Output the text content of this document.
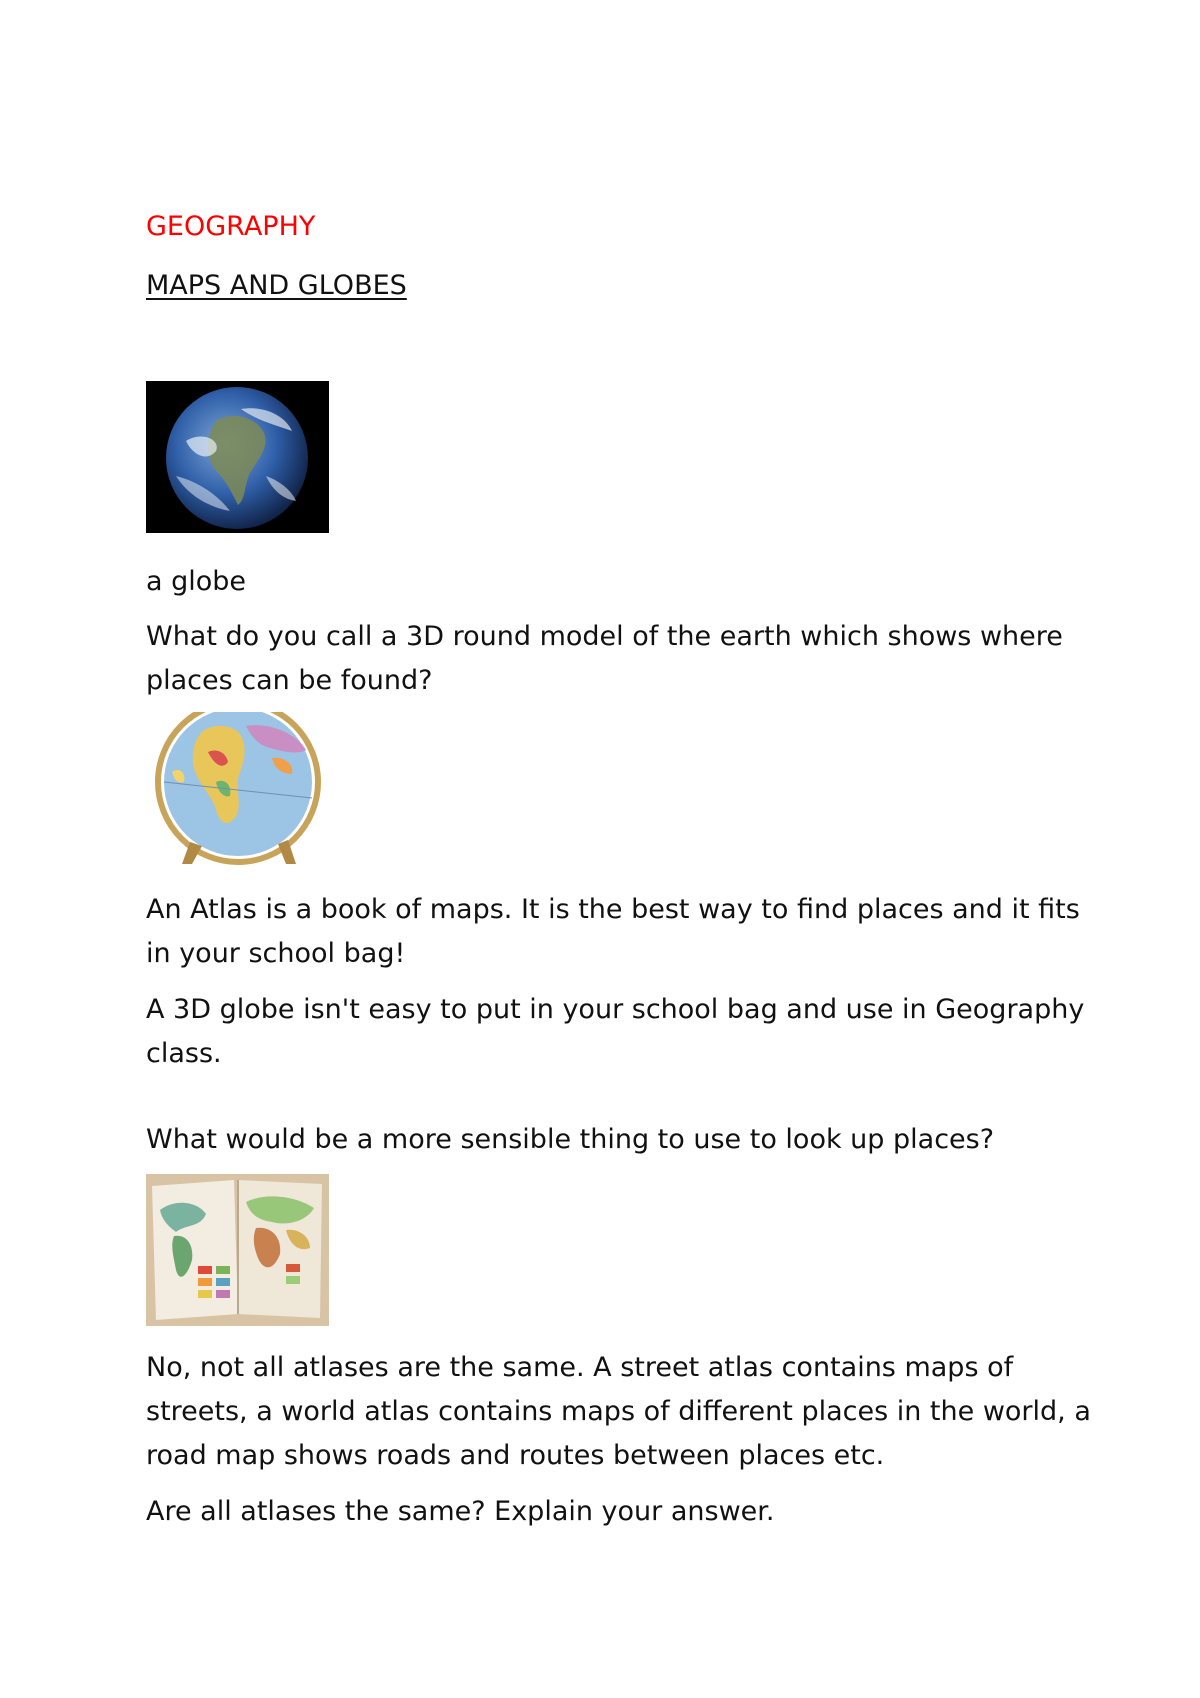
GEOGRAPHY
MAPS AND GLOBES

a globe

What do you call a 3D round model of the earth which shows where

places can be found?

An Atlas is a book of maps. It is the best way to find places and it fits

in your school bag!

A 3D globe isn't easy to put in your school bag and use in Geography

class.

What would be a more sensible thing to use to look up places?

No, not all atlases are the same. A street atlas contains maps of

streets, a world atlas contains maps of different places in the world, a

road map shows roads and routes between places etc.

Are all atlases the same? Explain your answer.
